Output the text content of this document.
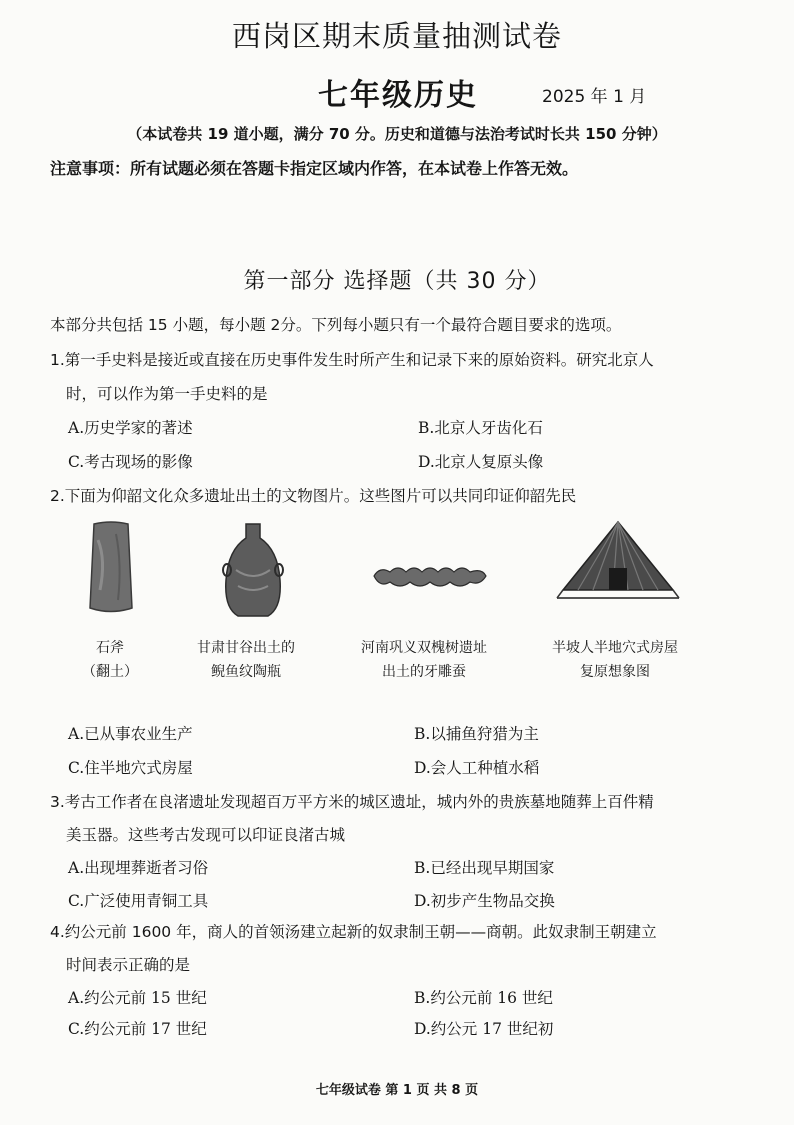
西岗区期末质量抽测试卷
七年级历史	2025 年 1 月
（本试卷共 19 道小题，满分 70 分。历史和道德与法治考试时长共 150 分钟）
注意事项：所有试题必须在答题卡指定区域内作答，在本试卷上作答无效。
第一部分 选择题（共 30 分）
本部分共包括 15 小题，每小题 2分。下列每小题只有一个最符合题目要求的选项。
1.第一手史料是接近或直接在历史事件发生时所产生和记录下来的原始资料。研究北京人
时，可以作为第一手史料的是
A.历史学家的著述	B.北京人牙齿化石
C.考古现场的影像	D.北京人复原头像
2.下面为仰韶文化众多遗址出土的文物图片。这些图片可以共同印证仰韶先民
石斧
（翻土）
甘肃甘谷出土的
鲵鱼纹陶瓶
河南巩义双槐树遗址
出土的牙雕蚕
半坡人半地穴式房屋
复原想象图
A.已从事农业生产	B.以捕鱼狩猎为主
C.住半地穴式房屋	D.会人工种植水稻
3.考古工作者在良渚遗址发现超百万平方米的城区遗址，城内外的贵族墓地随葬上百件精
美玉器。这些考古发现可以印证良渚古城
A.出现埋葬逝者习俗	B.已经出现早期国家
C.广泛使用青铜工具	D.初步产生物品交换
4.约公元前 1600 年，商人的首领汤建立起新的奴隶制王朝——商朝。此奴隶制王朝建立
时间表示正确的是
A.约公元前 15 世纪	B.约公元前 16 世纪
C.约公元前 17 世纪	D.约公元 17 世纪初
七年级试卷 第 1 页 共 8 页
